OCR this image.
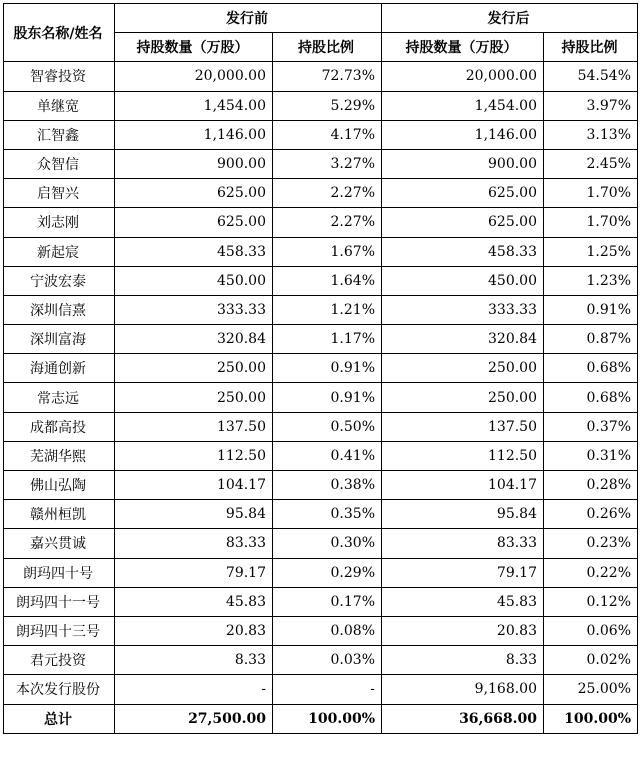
股东名称/姓名	发行前		发行后	
	持股数量（万股）	持股比例	持股数量（万股）	持股比例
智睿投资	20,000.00	72.73%	20,000.00	54.54%
单继宽	1,454.00	5.29%	1,454.00	3.97%
汇智鑫	1,146.00	4.17%	1,146.00	3.13%
众智信	900.00	3.27%	900.00	2.45%
启智兴	625.00	2.27%	625.00	1.70%
刘志刚	625.00	2.27%	625.00	1.70%
新起宸	458.33	1.67%	458.33	1.25%
宁波宏泰	450.00	1.64%	450.00	1.23%
深圳信熹	333.33	1.21%	333.33	0.91%
深圳富海	320.84	1.17%	320.84	0.87%
海通创新	250.00	0.91%	250.00	0.68%
常志远	250.00	0.91%	250.00	0.68%
成都高投	137.50	0.50%	137.50	0.37%
芜湖华熙	112.50	0.41%	112.50	0.31%
佛山弘陶	104.17	0.38%	104.17	0.28%
赣州桓凯	95.84	0.35%	95.84	0.26%
嘉兴贯诚	83.33	0.30%	83.33	0.23%
朗玛四十号	79.17	0.29%	79.17	0.22%
朗玛四十一号	45.83	0.17%	45.83	0.12%
朗玛四十三号	20.83	0.08%	20.83	0.06%
君元投资	8.33	0.03%	8.33	0.02%
本次发行股份	-	-	9,168.00	25.00%
总计	27,500.00	100.00%	36,668.00	100.00%
